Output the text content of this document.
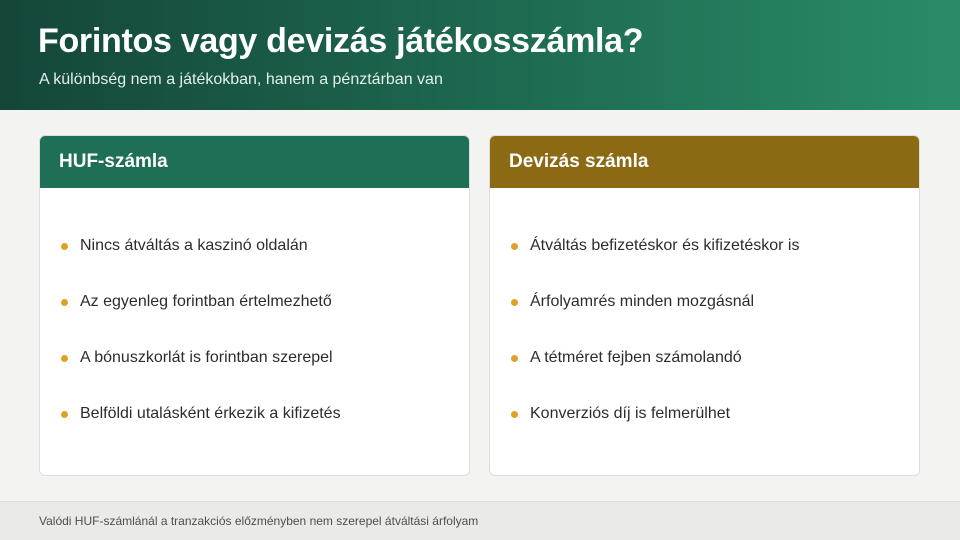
Forintos vagy devizás játékosszámla?

A különbség nem a játékokban, hanem a pénztárban van

HUF-számla
Nincs átváltás a kaszinó oldalán
Az egyenleg forintban értelmezhető
A bónuszkorlát is forintban szerepel
Belföldi utalásként érkezik a kifizetés
Devizás számla
Átváltás befizetéskor és kifizetéskor is
Árfolyamrés minden mozgásnál
A tétméret fejben számolandó
Konverziós díj is felmerülhet
Valódi HUF-számlánál a tranzakciós előzményben nem szerepel átváltási árfolyam
